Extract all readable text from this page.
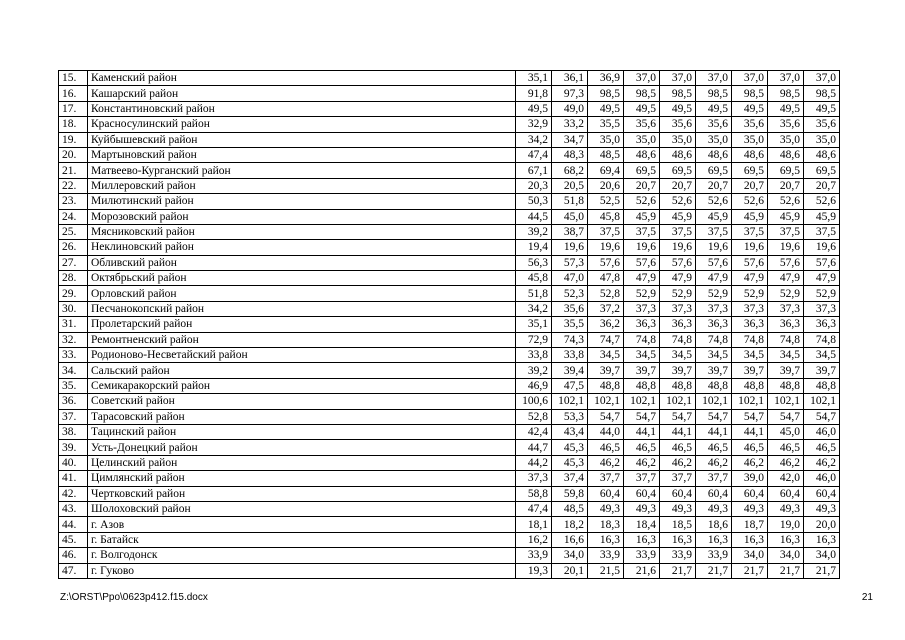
15.	Каменский район	35,1	36,1	36,9	37,0	37,0	37,0	37,0	37,0	37,0
16.	Кашарский район	91,8	97,3	98,5	98,5	98,5	98,5	98,5	98,5	98,5
17.	Константиновский район	49,5	49,0	49,5	49,5	49,5	49,5	49,5	49,5	49,5
18.	Красносулинский район	32,9	33,2	35,5	35,6	35,6	35,6	35,6	35,6	35,6
19.	Куйбышевский район	34,2	34,7	35,0	35,0	35,0	35,0	35,0	35,0	35,0
20.	Мартыновский район	47,4	48,3	48,5	48,6	48,6	48,6	48,6	48,6	48,6
21.	Матвеево-Курганский район	67,1	68,2	69,4	69,5	69,5	69,5	69,5	69,5	69,5
22.	Миллеровский район	20,3	20,5	20,6	20,7	20,7	20,7	20,7	20,7	20,7
23.	Милютинский район	50,3	51,8	52,5	52,6	52,6	52,6	52,6	52,6	52,6
24.	Морозовский район	44,5	45,0	45,8	45,9	45,9	45,9	45,9	45,9	45,9
25.	Мясниковский район	39,2	38,7	37,5	37,5	37,5	37,5	37,5	37,5	37,5
26.	Неклиновский район	19,4	19,6	19,6	19,6	19,6	19,6	19,6	19,6	19,6
27.	Обливский район	56,3	57,3	57,6	57,6	57,6	57,6	57,6	57,6	57,6
28.	Октябрьский район	45,8	47,0	47,8	47,9	47,9	47,9	47,9	47,9	47,9
29.	Орловский район	51,8	52,3	52,8	52,9	52,9	52,9	52,9	52,9	52,9
30.	Песчанокопский район	34,2	35,6	37,2	37,3	37,3	37,3	37,3	37,3	37,3
31.	Пролетарский район	35,1	35,5	36,2	36,3	36,3	36,3	36,3	36,3	36,3
32.	Ремонтненский район	72,9	74,3	74,7	74,8	74,8	74,8	74,8	74,8	74,8
33.	Родионово-Несветайский район	33,8	33,8	34,5	34,5	34,5	34,5	34,5	34,5	34,5
34.	Сальский район	39,2	39,4	39,7	39,7	39,7	39,7	39,7	39,7	39,7
35.	Семикаракорский район	46,9	47,5	48,8	48,8	48,8	48,8	48,8	48,8	48,8
36.	Советский район	100,6	102,1	102,1	102,1	102,1	102,1	102,1	102,1	102,1
37.	Тарасовский район	52,8	53,3	54,7	54,7	54,7	54,7	54,7	54,7	54,7
38.	Тацинский район	42,4	43,4	44,0	44,1	44,1	44,1	44,1	45,0	46,0
39.	Усть-Донецкий район	44,7	45,3	46,5	46,5	46,5	46,5	46,5	46,5	46,5
40.	Целинский район	44,2	45,3	46,2	46,2	46,2	46,2	46,2	46,2	46,2
41.	Цимлянский район	37,3	37,4	37,7	37,7	37,7	37,7	39,0	42,0	46,0
42.	Чертковский район	58,8	59,8	60,4	60,4	60,4	60,4	60,4	60,4	60,4
43.	Шолоховский район	47,4	48,5	49,3	49,3	49,3	49,3	49,3	49,3	49,3
44.	г. Азов	18,1	18,2	18,3	18,4	18,5	18,6	18,7	19,0	20,0
45.	г. Батайск	16,2	16,6	16,3	16,3	16,3	16,3	16,3	16,3	16,3
46.	г. Волгодонск	33,9	34,0	33,9	33,9	33,9	33,9	34,0	34,0	34,0
47.	г. Гуково	19,3	20,1	21,5	21,6	21,7	21,7	21,7	21,7	21,7
Z:\ORST\Ppo\0623p412.f15.docx	21
